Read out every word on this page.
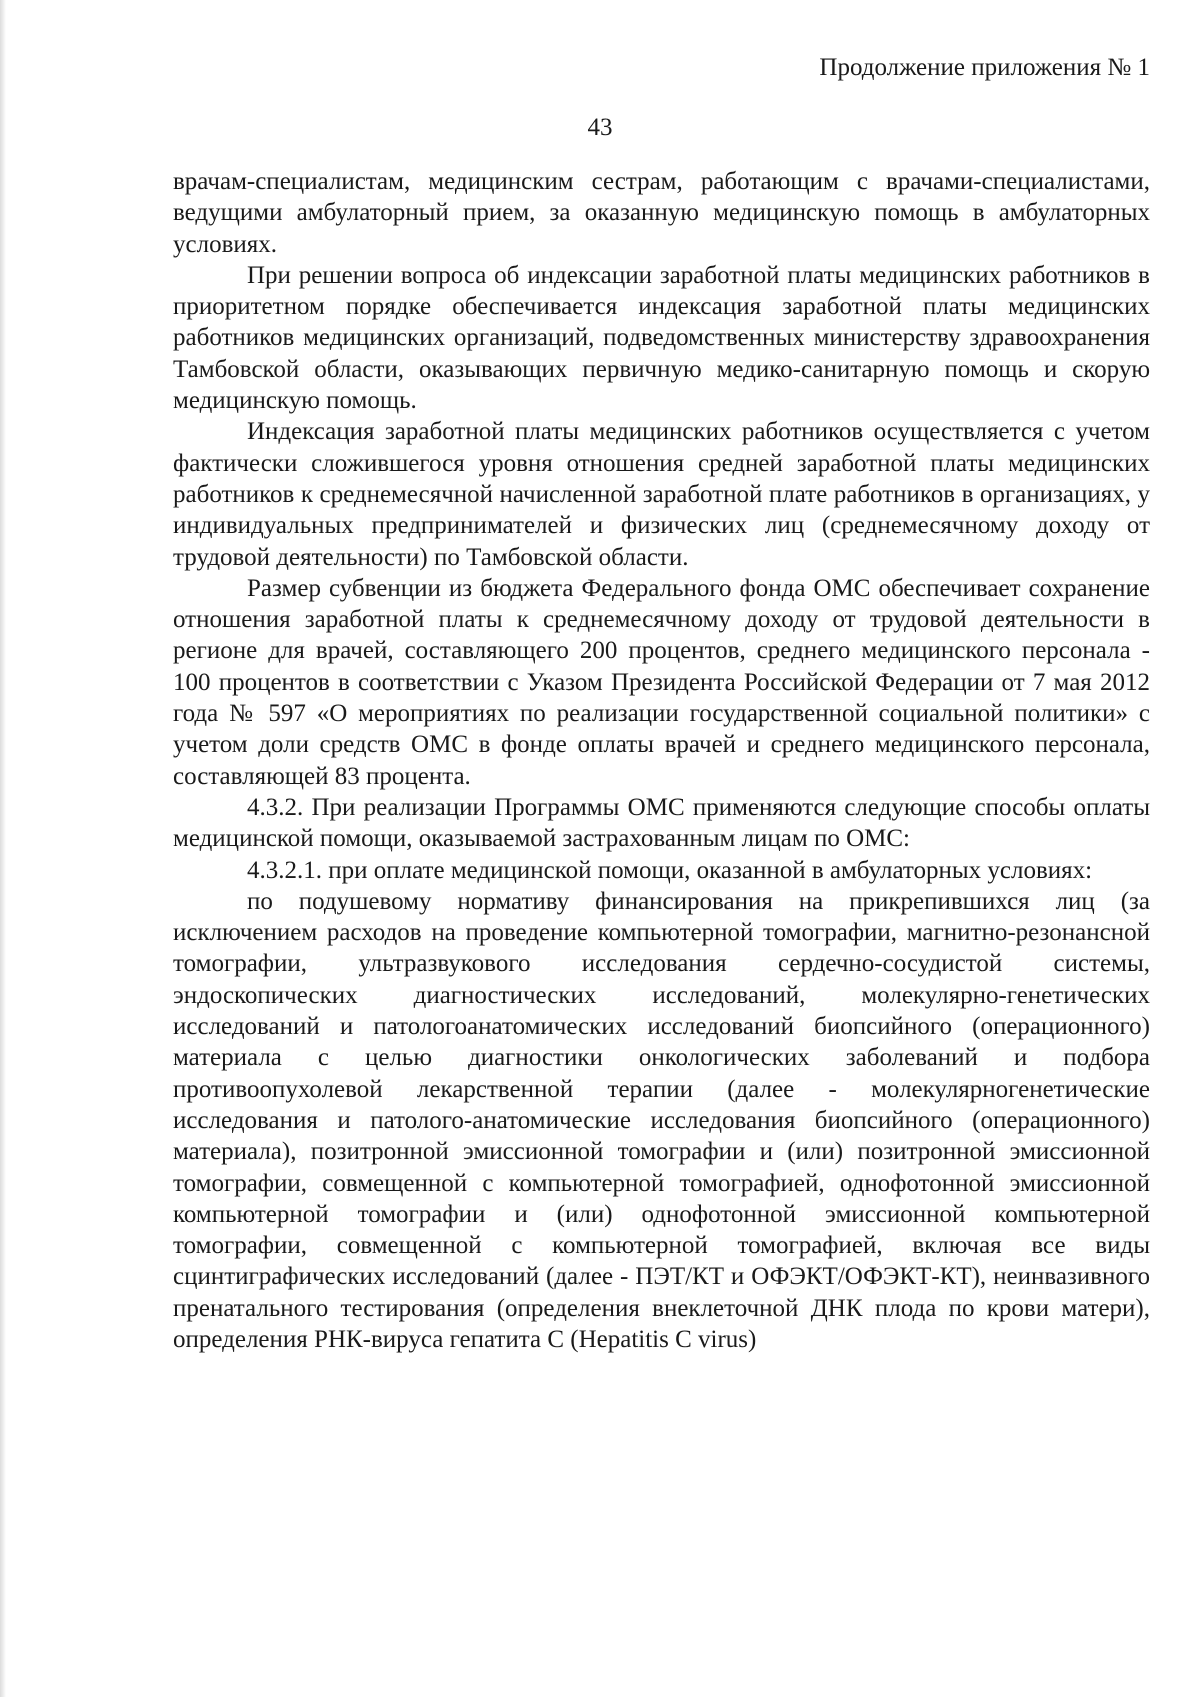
Продолжение приложения № 1
43

врачам-специалистам, медицинским сестрам, работающим с врачами-специалистами, ведущими амбулаторный прием, за оказанную медицинскую помощь в амбулаторных условиях.

При решении вопроса об индексации заработной платы медицинских работников в приоритетном порядке обеспечивается индексация заработной платы медицинских работников медицинских организаций, подведомственных министерству здравоохранения Тамбовской области, оказывающих первичную медико-санитарную помощь и скорую медицинскую помощь.

Индексация заработной платы медицинских работников осуществляется с учетом фактически сложившегося уровня отношения средней заработной платы медицинских работников к среднемесячной начисленной заработной плате работников в организациях, у индивидуальных предпринимателей и физических лиц (среднемесячному доходу от трудовой деятельности) по Тамбовской области.

Размер субвенции из бюджета Федерального фонда ОМС обеспечивает сохранение отношения заработной платы к среднемесячному доходу от трудовой деятельности в регионе для врачей, составляющего 200 процентов, среднего медицинского персонала - 100 процентов в соответствии с Указом Президента Российской Федерации от 7 мая 2012 года № 597 «О мероприятиях по реализации государственной социальной политики» с учетом доли средств ОМС в фонде оплаты врачей и среднего медицинского персонала, составляющей 83 процента.

4.3.2. При реализации Программы ОМС применяются следующие способы оплаты медицинской помощи, оказываемой застрахованным лицам по ОМС:

4.3.2.1. при оплате медицинской помощи, оказанной в амбулаторных условиях:

по подушевому нормативу финансирования на прикрепившихся лиц (за исключением расходов на проведение компьютерной томографии, магнитно-резонансной томографии, ультразвукового исследования сердечно-сосудистой системы, эндоскопических диагностических исследований, молекулярно-генетических исследований и патологоанатомических исследований биопсийного (операционного) материала с целью диагностики онкологических заболеваний и подбора противоопухолевой лекарственной терапии (далее - молекулярногенетические исследования и патолого-анатомические исследования биопсийного (операционного) материала), позитронной эмиссионной томографии и (или) позитронной эмиссионной томографии, совмещенной с компьютерной томографией, однофотонной эмиссионной компьютерной томографии и (или) однофотонной эмиссионной компьютерной томографии, совмещенной с компьютерной томографией, включая все виды сцинтиграфических исследований (далее - ПЭТ/КТ и ОФЭКТ/ОФЭКТ-КТ), неинвазивного пренатального тестирования (определения внеклеточной ДНК плода по крови матери), определения РНК-вируса гепатита С (Hepatitis C virus)
